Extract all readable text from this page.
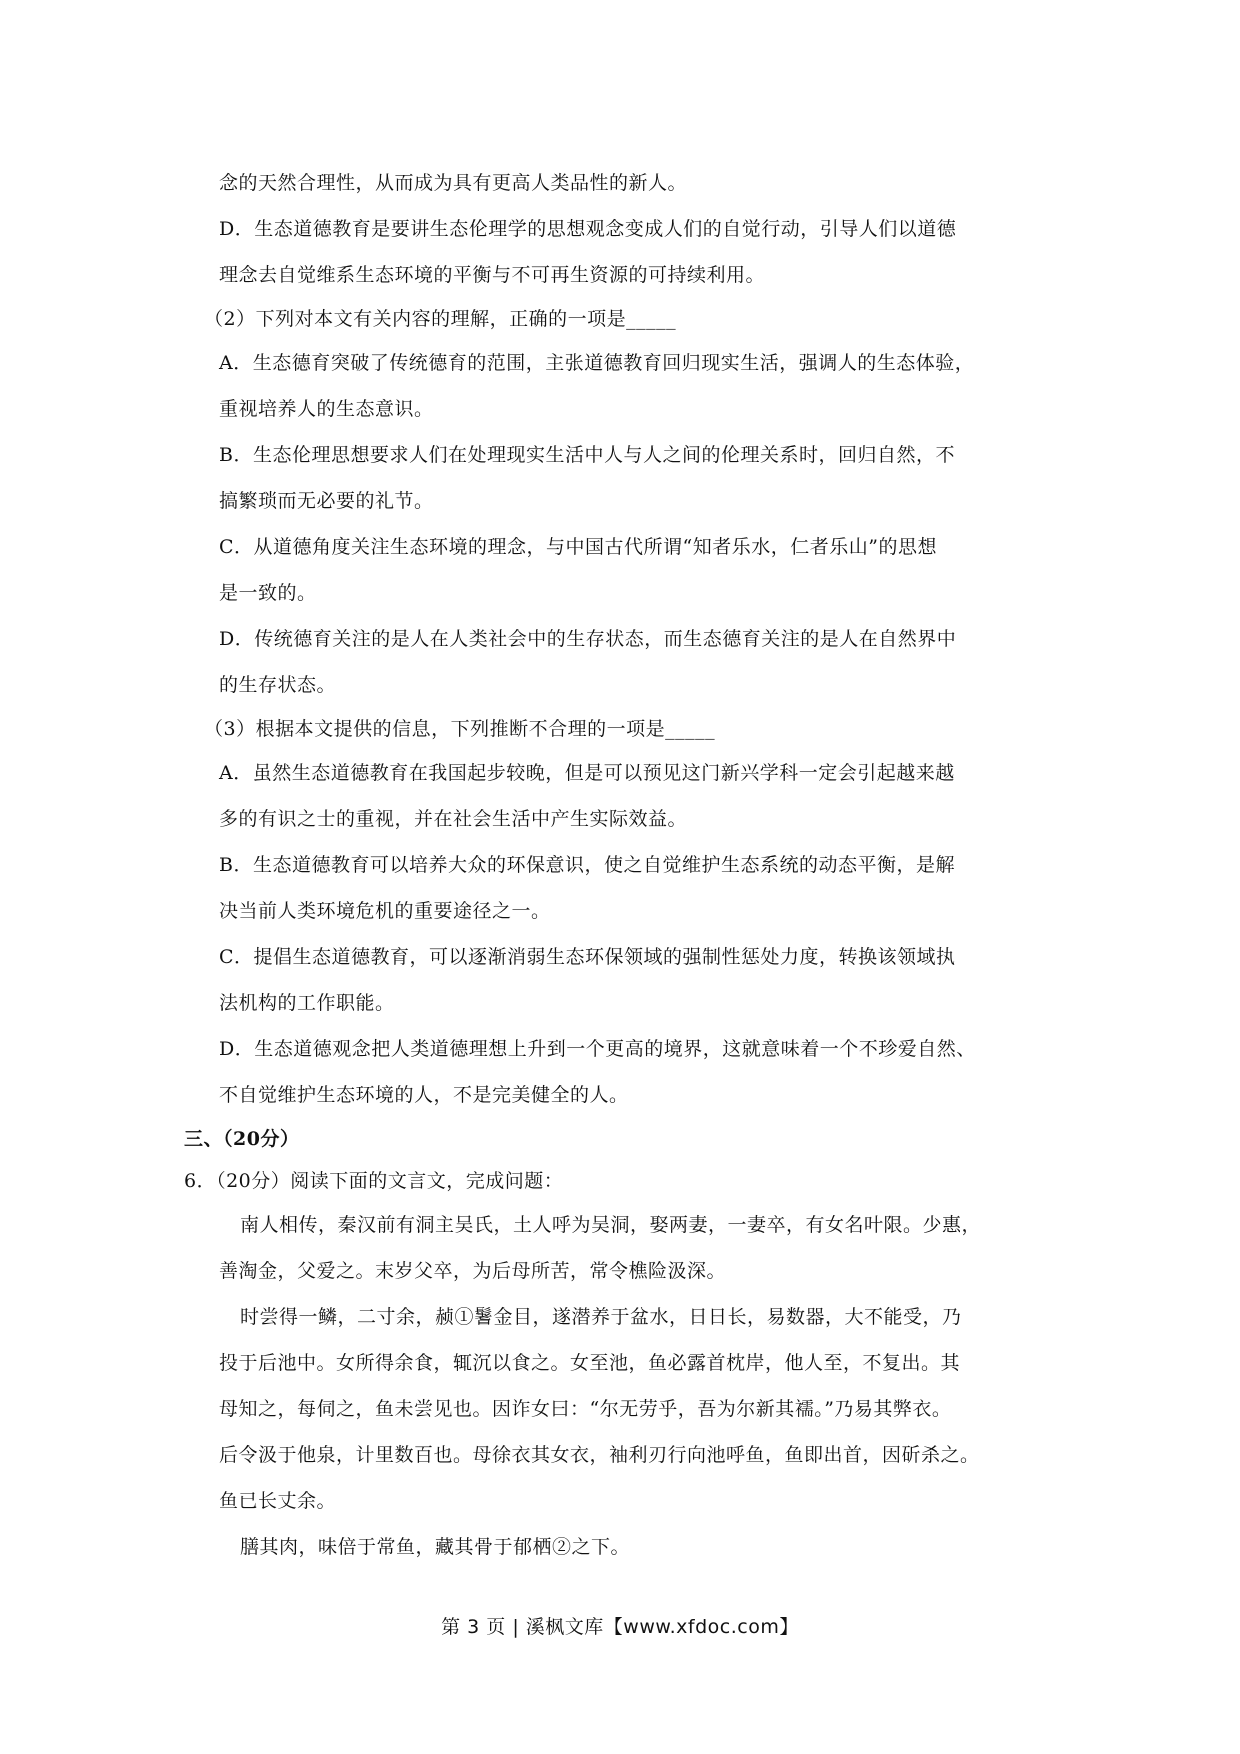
念的天然合理性，从而成为具有更高人类品性的新人。
D．生态道德教育是要讲生态伦理学的思想观念变成人们的自觉行动，引导人们以道德
理念去自觉维系生态环境的平衡与不可再生资源的可持续利用。
（2）下列对本文有关内容的理解，正确的一项是_____
A．生态德育突破了传统德育的范围，主张道德教育回归现实生活，强调人的生态体验，
重视培养人的生态意识。
B．生态伦理思想要求人们在处理现实生活中人与人之间的伦理关系时，回归自然，不
搞繁琐而无必要的礼节。
C．从道德角度关注生态环境的理念，与中国古代所谓“知者乐水，仁者乐山”的思想
是一致的。
D．传统德育关注的是人在人类社会中的生存状态，而生态德育关注的是人在自然界中
的生存状态。
（3）根据本文提供的信息，下列推断不合理的一项是_____
A．虽然生态道德教育在我国起步较晚，但是可以预见这门新兴学科一定会引起越来越
多的有识之士的重视，并在社会生活中产生实际效益。
B．生态道德教育可以培养大众的环保意识，使之自觉维护生态系统的动态平衡，是解
决当前人类环境危机的重要途径之一。
C．提倡生态道德教育，可以逐渐消弱生态环保领域的强制性惩处力度，转换该领域执
法机构的工作职能。
D．生态道德观念把人类道德理想上升到一个更高的境界，这就意味着一个不珍爱自然、
不自觉维护生态环境的人，不是完美健全的人。
三、（20分）
6．（20分）阅读下面的文言文，完成问题：
南人相传，秦汉前有洞主吴氏，土人呼为吴洞，娶两妻，一妻卒，有女名叶限。少惠，
善淘金，父爱之。末岁父卒，为后母所苦，常令樵险汲深。
时尝得一鳞，二寸余，赪①鬐金目，遂潜养于盆水，日日长，易数器，大不能受，乃
投于后池中。女所得余食，辄沉以食之。女至池，鱼必露首枕岸，他人至，不复出。其
母知之，每伺之，鱼未尝见也。因诈女曰：“尔无劳乎，吾为尔新其襦。”乃易其弊衣。
后令汲于他泉，计里数百也。母徐衣其女衣，袖利刃行向池呼鱼，鱼即出首，因斫杀之。
鱼已长丈余。
膳其肉，味倍于常鱼，藏其骨于郁栖②之下。
第 3 页 | 溪枫文库【www.xfdoc.com】
